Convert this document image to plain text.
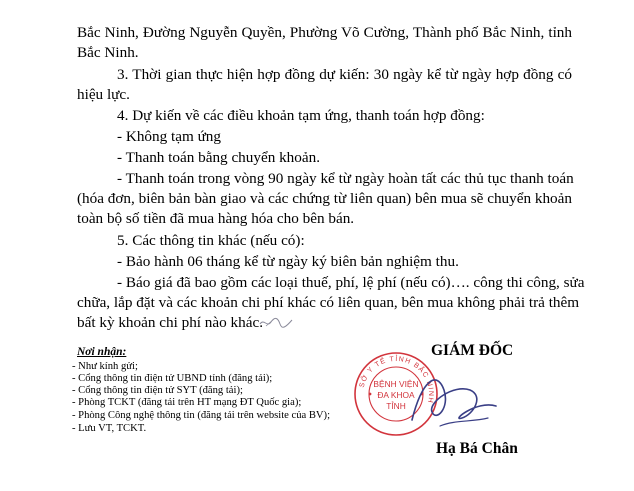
Bắc Ninh, Đường Nguyễn Quyền, Phường Võ Cường, Thành phố Bắc Ninh, tỉnh
Bắc Ninh.
3. Thời gian thực hiện hợp đồng dự kiến: 30 ngày kể từ ngày hợp đồng có
hiệu lực.
4. Dự kiến về các điều khoản tạm ứng, thanh toán hợp đồng:
- Không tạm ứng
- Thanh toán bằng chuyển khoản.
- Thanh toán trong vòng 90 ngày kể từ ngày hoàn tất các thủ tục thanh toán
(hóa đơn, biên bản bàn giao và các chứng từ liên quan) bên mua sẽ chuyển khoản
toàn bộ số tiền đã mua hàng hóa cho bên bán.
5. Các thông tin khác (nếu có):
- Bảo hành 06 tháng kể từ ngày ký biên bản nghiệm thu.
- Báo giá đã bao gồm các loại thuế, phí, lệ phí (nếu có)…. công thi công, sửa
chữa, lắp đặt và các khoản chi phí khác có liên quan, bên mua không phải trả thêm
bất kỳ khoản chi phí nào khác.
Nơi nhận:
- Như kính gửi;
- Cổng thông tin điện tử UBND tỉnh (đăng tải);
- Cổng thông tin điện tử SYT (đăng tải);
- Phòng TCKT (đăng tải trên HT mạng ĐT Quốc gia);
- Phòng Công nghệ thông tin (đăng tải trên website của BV);
- Lưu VT, TCKT.
GIÁM ĐỐC
SỞ Y TẾ TỈNH BẮC NINH
BỆNH VIỆN
ĐA KHOA
TỈNH
Hạ Bá Chân
